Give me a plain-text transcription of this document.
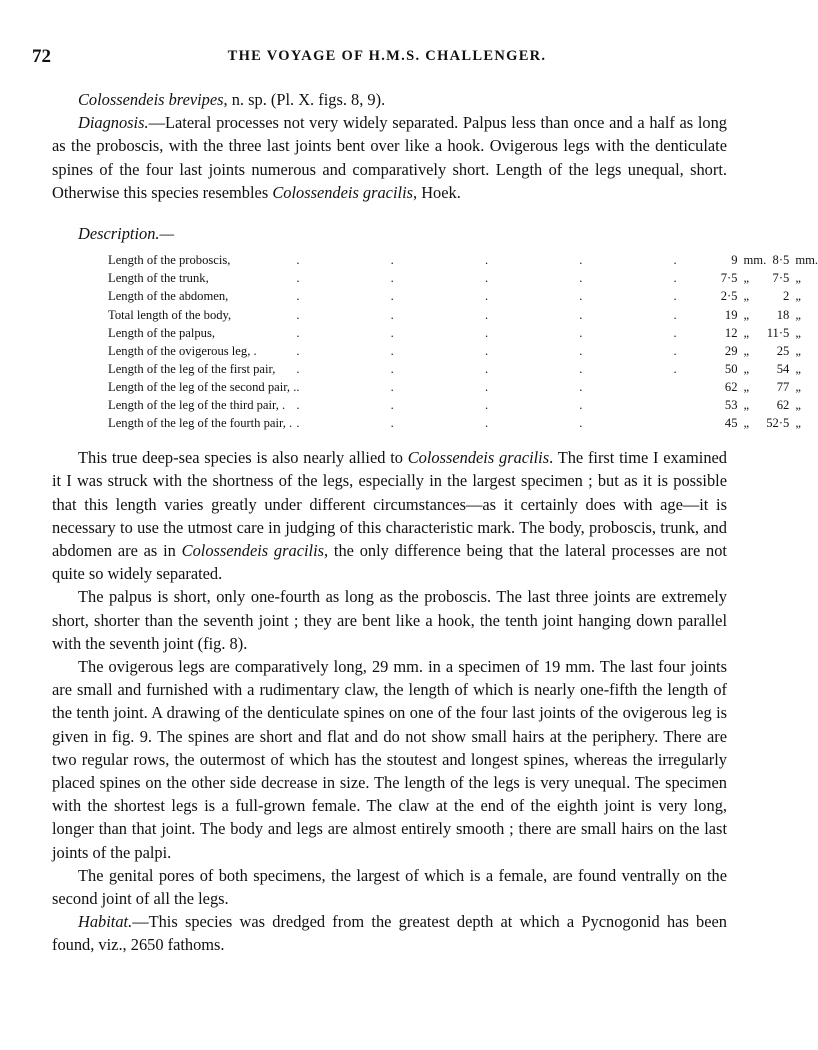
72	THE VOYAGE OF H.M.S. CHALLENGER.

Colossendeis brevipes, n. sp. (Pl. X. figs. 8, 9).

Diagnosis.—Lateral processes not very widely separated. Palpus less than once and a half as long as the proboscis, with the three last joints bent over like a hook. Ovigerous legs with the denticulate spines of the four last joints numerous and comparatively short. Length of the legs unequal, short. Otherwise this species resembles Colossendeis gracilis, Hoek.

Description.—

Length of the proboscis,	. . . . .	9	mm.	8·5	mm.
Length of the trunk,	. . . . .	7·5	„	7·5	„
Length of the abdomen,	. . . . .	2·5	„	2	„
Total length of the body,	. . . . .	19	„	18	„
Length of the palpus,	. . . . .	12	„	11·5	„
Length of the ovigerous leg, .	. . . . .	29	„	25	„
Length of the leg of the first pair,	. . . . .	50	„	54	„
Length of the leg of the second pair, .	. . . .	62	„	77	„
Length of the leg of the third pair, .	. . . .	53	„	62	„
Length of the leg of the fourth pair, .	. . . .	45	„	52·5	„

This true deep-sea species is also nearly allied to Colossendeis gracilis. The first time I examined it I was struck with the shortness of the legs, especially in the largest specimen ; but as it is possible that this length varies greatly under different circumstances—as it certainly does with age—it is necessary to use the utmost care in judging of this characteristic mark. The body, proboscis, trunk, and abdomen are as in Colossendeis gracilis, the only difference being that the lateral processes are not quite so widely separated.

The palpus is short, only one-fourth as long as the proboscis. The last three joints are extremely short, shorter than the seventh joint ; they are bent like a hook, the tenth joint hanging down parallel with the seventh joint (fig. 8).

The ovigerous legs are comparatively long, 29 mm. in a specimen of 19 mm. The last four joints are small and furnished with a rudimentary claw, the length of which is nearly one-fifth the length of the tenth joint. A drawing of the denticulate spines on one of the four last joints of the ovigerous leg is given in fig. 9. The spines are short and flat and do not show small hairs at the periphery. There are two regular rows, the outermost of which has the stoutest and longest spines, whereas the irregularly placed spines on the other side decrease in size. The length of the legs is very unequal. The specimen with the shortest legs is a full-grown female. The claw at the end of the eighth joint is very long, longer than that joint. The body and legs are almost entirely smooth ; there are small hairs on the last joints of the palpi.

The genital pores of both specimens, the largest of which is a female, are found ventrally on the second joint of all the legs.

Habitat.—This species was dredged from the greatest depth at which a Pycnogonid has been found, viz., 2650 fathoms.
